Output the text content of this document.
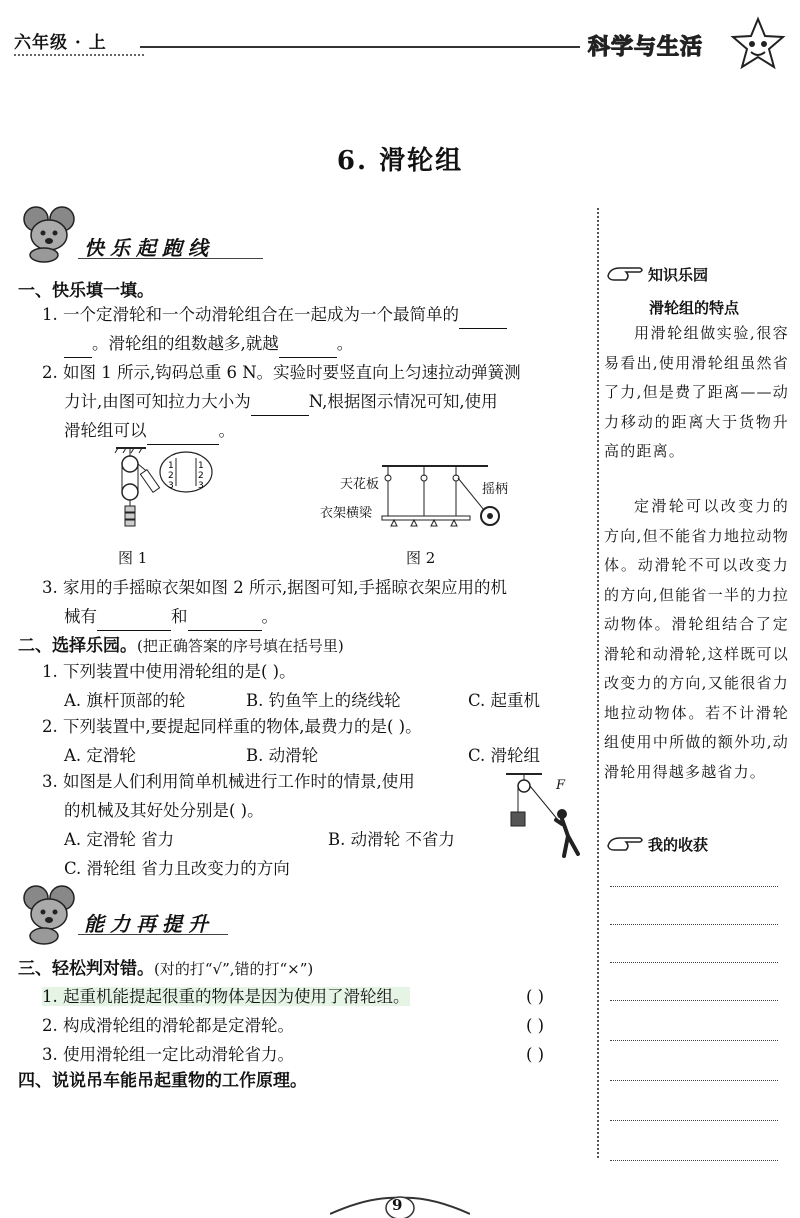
六年级 · 上	科学与生活
6. 滑轮组
快乐起跑线
一、快乐填一填。
1. 一个定滑轮和一个动滑轮组合在一起成为一个最简单的
。滑轮组的组数越多,就越	。
2. 如图 1 所示,钩码总重 6 N。实验时要竖直向上匀速拉动弹簧测
力计,由图可知拉力大小为	N,根据图示情况可知,使用
滑轮组可以	。
1	1
2	2
3	3	天花板
衣架横梁
摇柄
图 1	图 2
3. 家用的手摇晾衣架如图 2 所示,据图可知,手摇晾衣架应用的机
械有	和	。
二、选择乐园。(把正确答案的序号填在括号里)
1. 下列装置中使用滑轮组的是( )。
A. 旗杆顶部的轮	B. 钓鱼竿上的绕线轮	C. 起重机
2. 下列装置中,要提起同样重的物体,最费力的是( )。
A. 定滑轮	B. 动滑轮	C. 滑轮组
3. 如图是人们利用简单机械进行工作时的情景,使用
的机械及其好处分别是( )。
A. 定滑轮 省力	B. 动滑轮 不省力
C. 滑轮组 省力且改变力的方向
F
能力再提升
三、轻松判对错。(对的打“√”,错的打“×”)
1. 起重机能提起很重的物体是因为使用了滑轮组。	( )
2. 构成滑轮组的滑轮都是定滑轮。	( )
3. 使用滑轮组一定比动滑轮省力。	( )
四、说说吊车能吊起重物的工作原理。
知识乐园
滑轮组的特点
用滑轮组做实验,很容易看出,使用滑轮组虽然省了力,但是费了距离——动力移动的距离大于货物升高的距离。
定滑轮可以改变力的方向,但不能省力地拉动物体。动滑轮不可以改变力的方向,但能省一半的力拉动物体。滑轮组结合了定滑轮和动滑轮,这样既可以改变力的方向,又能很省力地拉动物体。若不计滑轮组使用中所做的额外功,动滑轮用得越多越省力。
我的收获
9
